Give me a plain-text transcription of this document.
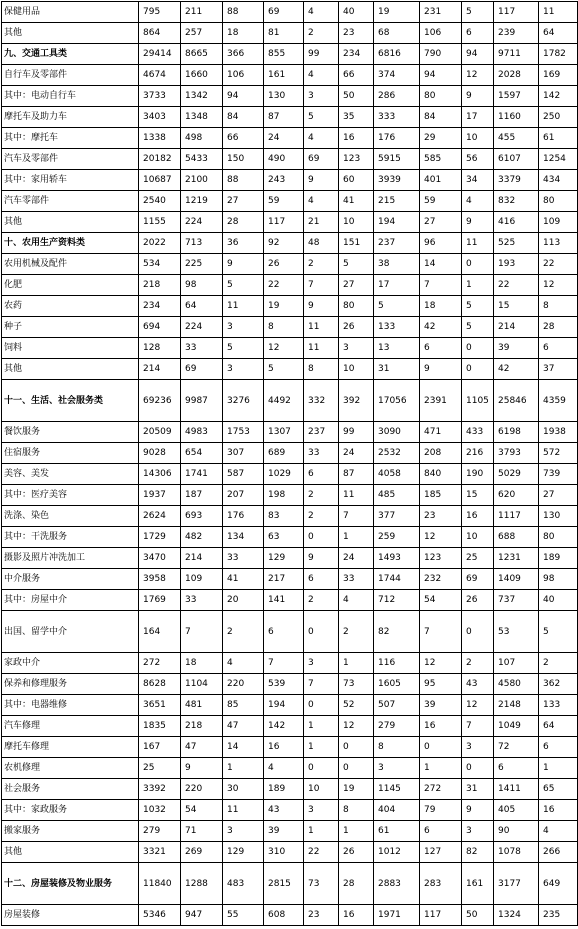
保健用品	795	211	88	69	4	40	19	231	5	117	11
其他	864	257	18	81	2	23	68	106	6	239	64
九、交通工具类	29414	8665	366	855	99	234	6816	790	94	9711	1782
自行车及零部件	4674	1660	106	161	4	66	374	94	12	2028	169
其中：电动自行车	3733	1342	94	130	3	50	286	80	9	1597	142
摩托车及助力车	3403	1348	84	87	5	35	333	84	17	1160	250
其中：摩托车	1338	498	66	24	4	16	176	29	10	455	61
汽车及零部件	20182	5433	150	490	69	123	5915	585	56	6107	1254
其中：家用轿车	10687	2100	88	243	9	60	3939	401	34	3379	434
汽车零部件	2540	1219	27	59	4	41	215	59	4	832	80
其他	1155	224	28	117	21	10	194	27	9	416	109
十、农用生产资料类	2022	713	36	92	48	151	237	96	11	525	113
农用机械及配件	534	225	9	26	2	5	38	14	0	193	22
化肥	218	98	5	22	7	27	17	7	1	22	12
农药	234	64	11	19	9	80	5	18	5	15	8
种子	694	224	3	8	11	26	133	42	5	214	28
饲料	128	33	5	12	11	3	13	6	0	39	6
其他	214	69	3	5	8	10	31	9	0	42	37
十一、生活、社会服务类	69236	9987	3276	4492	332	392	17056	2391	1105	25846	4359
餐饮服务	20509	4983	1753	1307	237	99	3090	471	433	6198	1938
住宿服务	9028	654	307	689	33	24	2532	208	216	3793	572
美容、美发	14306	1741	587	1029	6	87	4058	840	190	5029	739
其中：医疗美容	1937	187	207	198	2	11	485	185	15	620	27
洗涤、染色	2624	693	176	83	2	7	377	23	16	1117	130
其中：干洗服务	1729	482	134	63	0	1	259	12	10	688	80
摄影及照片冲洗加工	3470	214	33	129	9	24	1493	123	25	1231	189
中介服务	3958	109	41	217	6	33	1744	232	69	1409	98
其中：房屋中介	1769	33	20	141	2	4	712	54	26	737	40
出国、留学中介	164	7	2	6	0	2	82	7	0	53	5
家政中介	272	18	4	7	3	1	116	12	2	107	2
保养和修理服务	8628	1104	220	539	7	73	1605	95	43	4580	362
其中：电器维修	3651	481	85	194	0	52	507	39	12	2148	133
汽车修理	1835	218	47	142	1	12	279	16	7	1049	64
摩托车修理	167	47	14	16	1	0	8	0	3	72	6
农机修理	25	9	1	4	0	0	3	1	0	6	1
社会服务	3392	220	30	189	10	19	1145	272	31	1411	65
其中：家政服务	1032	54	11	43	3	8	404	79	9	405	16
搬家服务	279	71	3	39	1	1	61	6	3	90	4
其他	3321	269	129	310	22	26	1012	127	82	1078	266
十二、房屋装修及物业服务	11840	1288	483	2815	73	28	2883	283	161	3177	649
房屋装修	5346	947	55	608	23	16	1971	117	50	1324	235
